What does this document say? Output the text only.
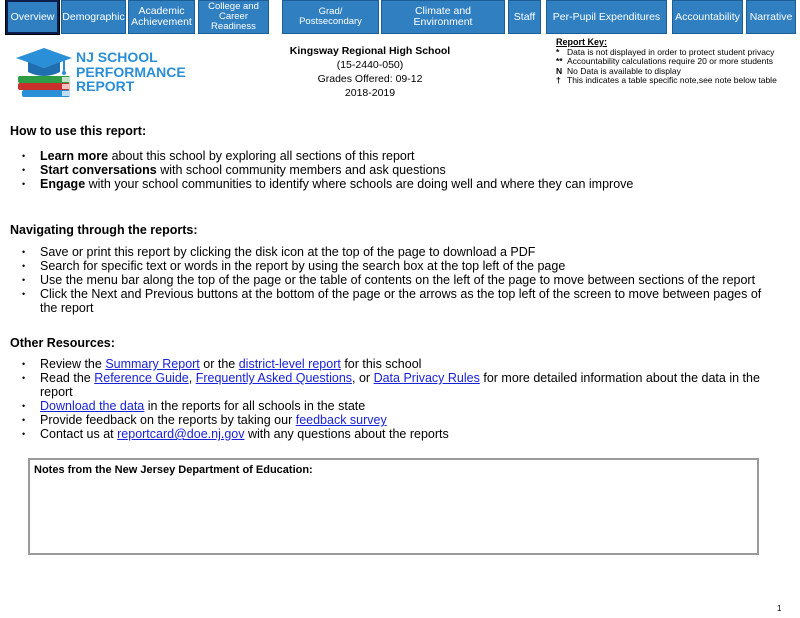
Overview Demographic	Academic
Achievement
College and
Career
Readiness
Grad/
Postsecondary
Climate and
Environment	Staff Per-Pupil Expenditures Accountability Narrative
NJ SCHOOL
PERFORMANCE
REPORT
Kingsway Regional High School
(15-2440-050)
Grades Offered: 09-12
2018-2019
Report Key:
* Data is not displayed in order to protect student privacy
** Accountability calculations require 20 or more students
N No Data is available to display
† This indicates a table specific note,see note below table
How to use this report:
• Learn more about this school by exploring all sections of this report
• Start conversations with school community members and ask questions
• Engage with your school communities to identify where schools are doing well and where they can improve
Navigating through the reports:
• Save or print this report by clicking the disk icon at the top of the page to download a PDF
• Search for specific text or words in the report by using the search box at the top left of the page
• Use the menu bar along the top of the page or the table of contents on the left of the page to move between sections of the report
• Click the Next and Previous buttons at the bottom of the page or the arrows as the top left of the screen to move between pages of the report
Other Resources:
• Review the Summary Report or the district-level report for this school
• Read the Reference Guide, Frequently Asked Questions, or Data Privacy Rules for more detailed information about the data in the report
• Download the data in the reports for all schools in the state
• Provide feedback on the reports by taking our feedback survey
• Contact us at reportcard@doe.nj.gov with any questions about the reports
Notes from the New Jersey Department of Education:
1
